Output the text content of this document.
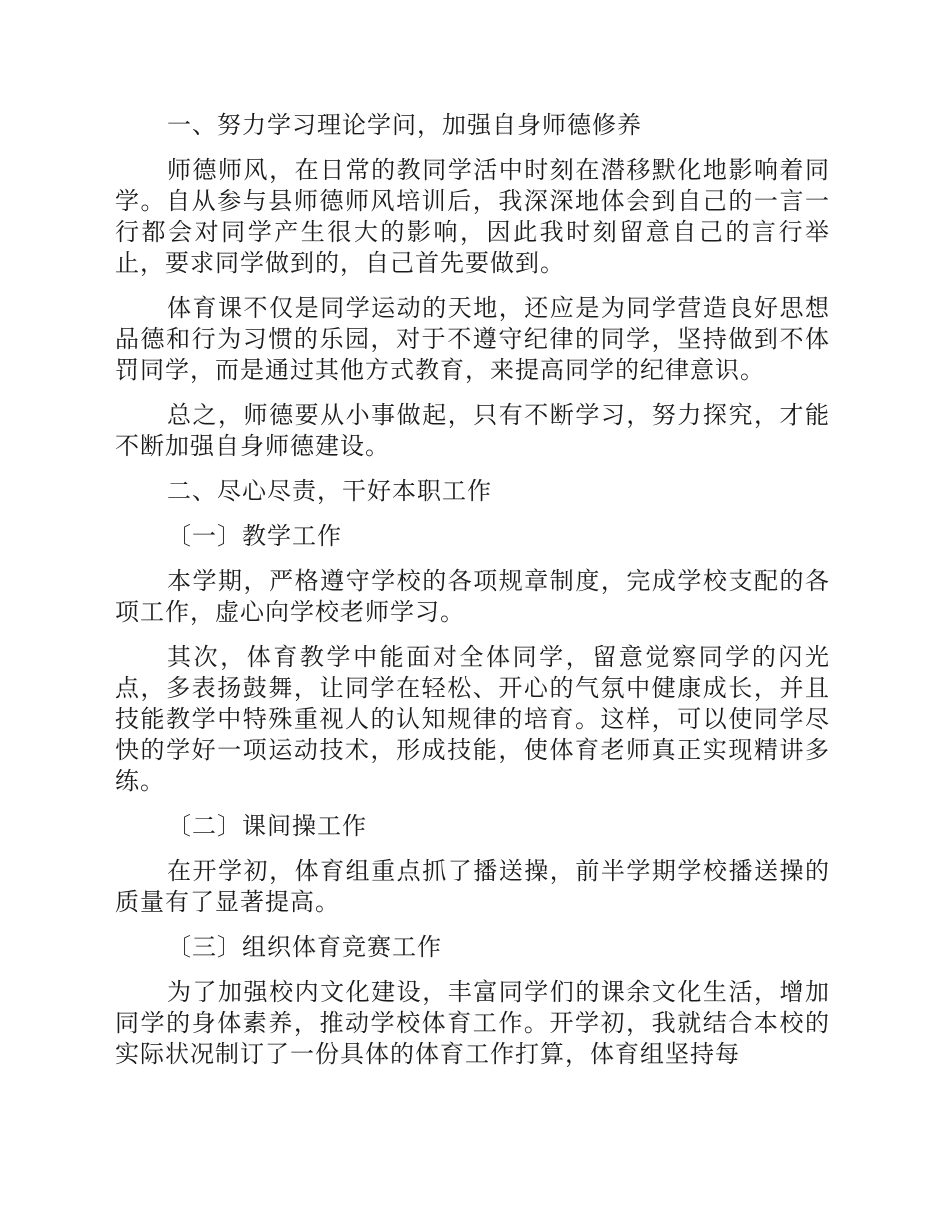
一、努力学习理论学问，加强自身师德修养

师德师风，在日常的教同学活中时刻在潜移默化地影响着同学。自从参与县师德师风培训后，我深深地体会到自己的一言一行都会对同学产生很大的影响，因此我时刻留意自己的言行举止，要求同学做到的，自己首先要做到。

体育课不仅是同学运动的天地，还应是为同学营造良好思想品德和行为习惯的乐园，对于不遵守纪律的同学，坚持做到不体罚同学，而是通过其他方式教育，来提高同学的纪律意识。

总之，师德要从小事做起，只有不断学习，努力探究，才能不断加强自身师德建设。

二、尽心尽责，干好本职工作

〔一〕教学工作

本学期，严格遵守学校的各项规章制度，完成学校支配的各项工作，虚心向学校老师学习。

其次，体育教学中能面对全体同学，留意觉察同学的闪光点，多表扬鼓舞，让同学在轻松、开心的气氛中健康成长，并且技能教学中特殊重视人的认知规律的培育。这样，可以使同学尽快的学好一项运动技术，形成技能，使体育老师真正实现精讲多练。

〔二〕课间操工作

在开学初，体育组重点抓了播送操，前半学期学校播送操的质量有了显著提高。

〔三〕组织体育竞赛工作

为了加强校内文化建设，丰富同学们的课余文化生活，增加同学的身体素养，推动学校体育工作。开学初，我就结合本校的实际状况制订了一份具体的体育工作打算，体育组坚持每
